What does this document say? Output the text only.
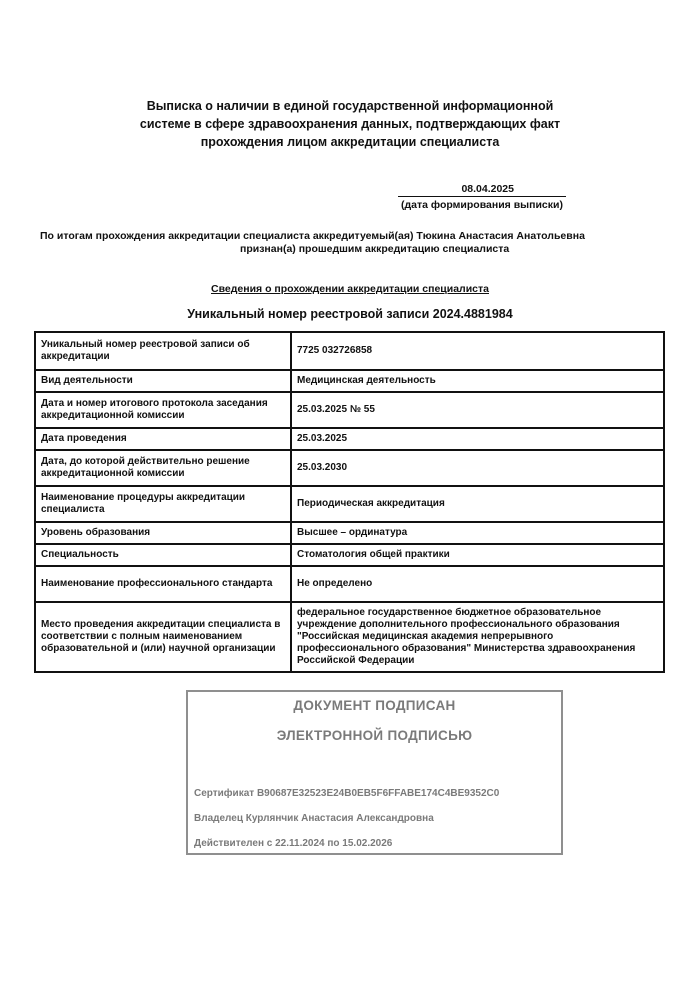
Выписка о наличии в единой государственной информационной
системе в сфере здравоохранения данных, подтверждающих факт
прохождения лицом аккредитации специалиста
08.04.2025
(дата формирования выписки)
По итогам прохождения аккредитации специалиста аккредитуемый(ая) Тюкина Анастасия Анатольевна
признан(а) прошедшим аккредитацию специалиста
Сведения о прохождении аккредитации специалиста
Уникальный номер реестровой записи 2024.4881984
Уникальный номер реестровой записи об аккредитации	7725 032726858
Вид деятельности	Медицинская деятельность
Дата и номер итогового протокола заседания аккредитационной комиссии	25.03.2025 № 55
Дата проведения	25.03.2025
Дата, до которой действительно решение аккредитационной комиссии	25.03.2030
Наименование процедуры аккредитации специалиста	Периодическая аккредитация
Уровень образования	Высшее – ординатура
Специальность	Стоматология общей практики
Наименование профессионального стандарта	Не определено
Место проведения аккредитации специалиста в соответствии с полным наименованием образовательной и (или) научной организации	федеральное государственное бюджетное образовательное учреждение дополнительного профессионального образования "Российская медицинская академия непрерывного профессионального образования" Министерства здравоохранения Российской Федерации
ДОКУМЕНТ ПОДПИСАН
ЭЛЕКТРОННОЙ ПОДПИСЬЮ
Сертификат B90687E32523E24B0EB5F6FFABE174C4BE9352C0
Владелец Курлянчик Анастасия Александровна
Действителен с 22.11.2024 по 15.02.2026
